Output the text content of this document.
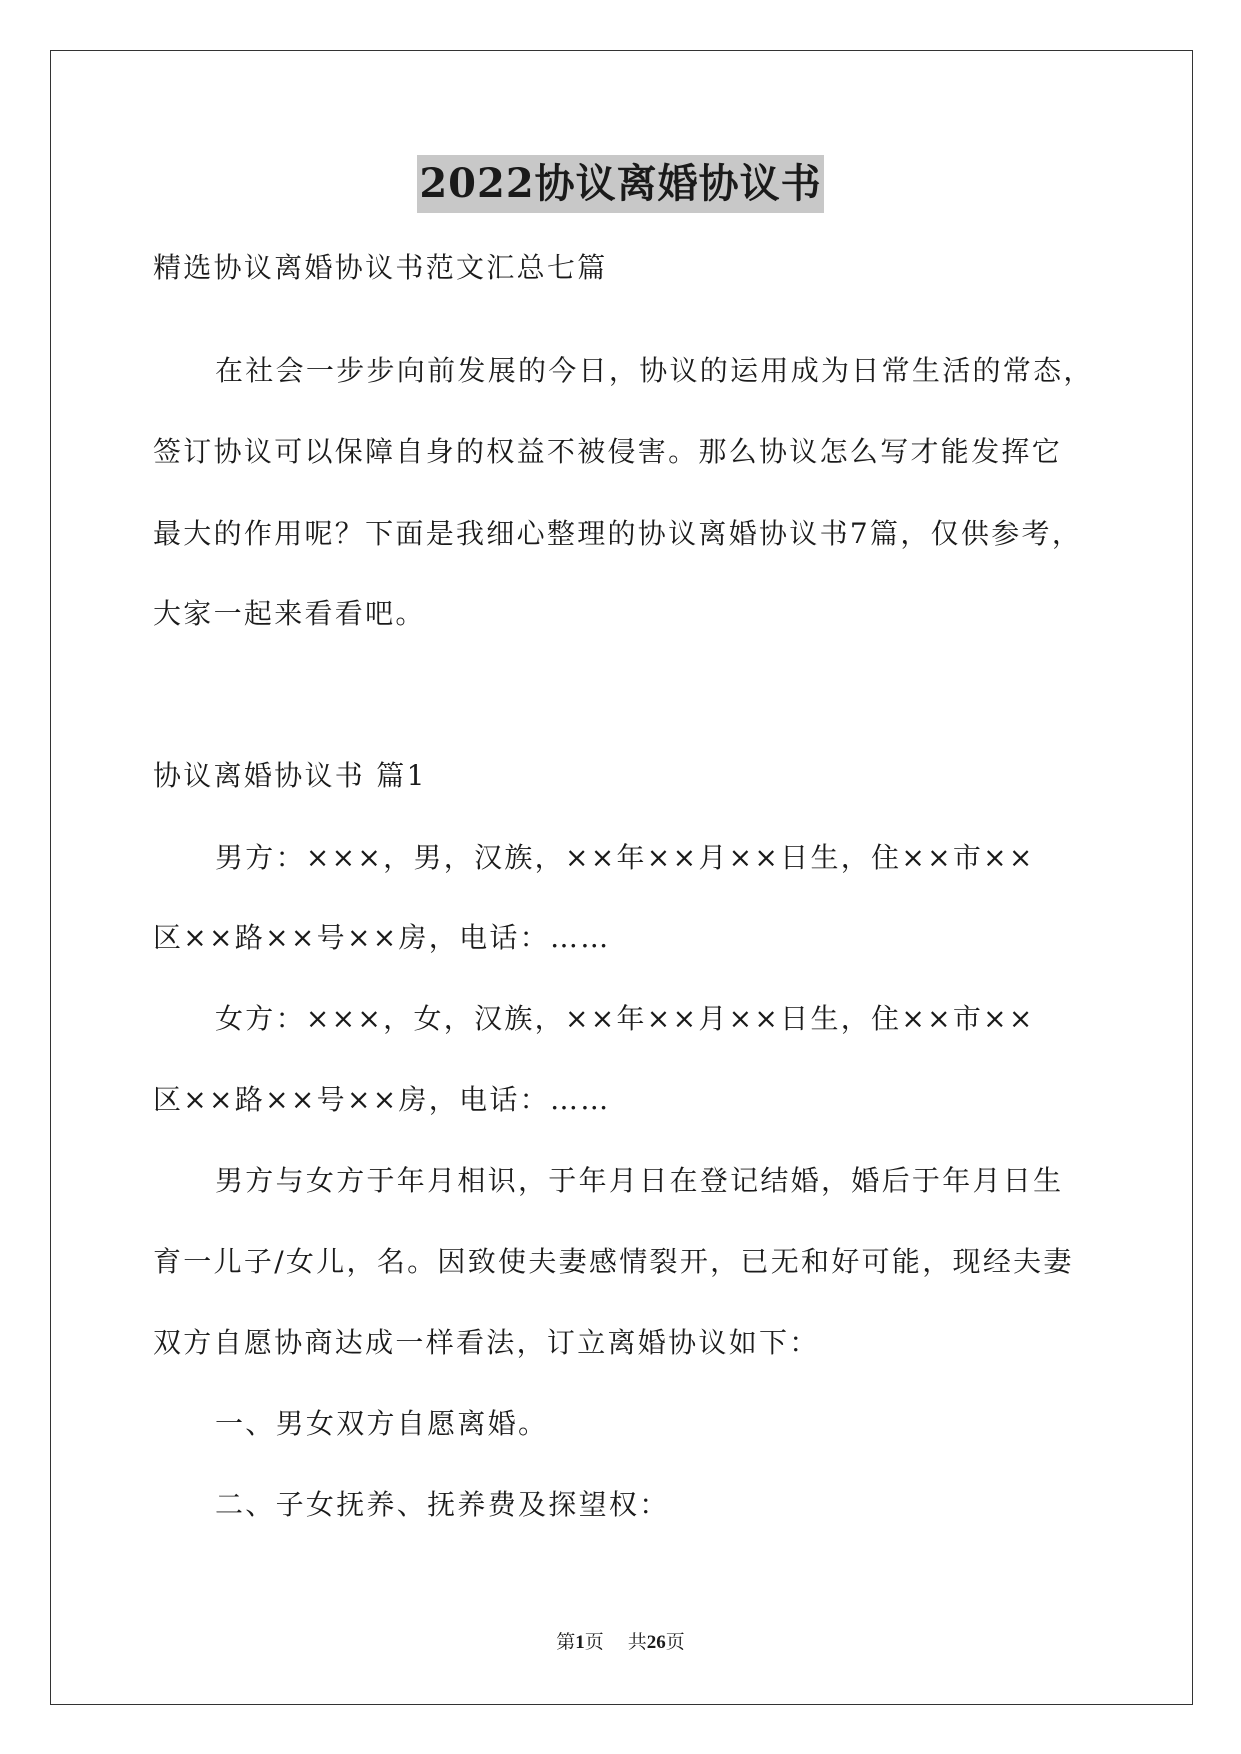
2022协议离婚协议书
精选协议离婚协议书范文汇总七篇
在社会一步步向前发展的今日，协议的运用成为日常生活的常态，
签订协议可以保障自身的权益不被侵害。那么协议怎么写才能发挥它
最大的作用呢？下面是我细心整理的协议离婚协议书7篇，仅供参考，
大家一起来看看吧。
协议离婚协议书 篇1
男方：×××，男，汉族，××年××月××日生，住××市××
区××路××号××房，电话：……
女方：×××，女，汉族，××年××月××日生，住××市××
区××路××号××房，电话：……
男方与女方于年月相识，于年月日在登记结婚，婚后于年月日生
育一儿子/女儿，名。因致使夫妻感情裂开，已无和好可能，现经夫妻
双方自愿协商达成一样看法，订立离婚协议如下：
一、男女双方自愿离婚。
二、子女抚养、抚养费及探望权：
第1页 共26页
